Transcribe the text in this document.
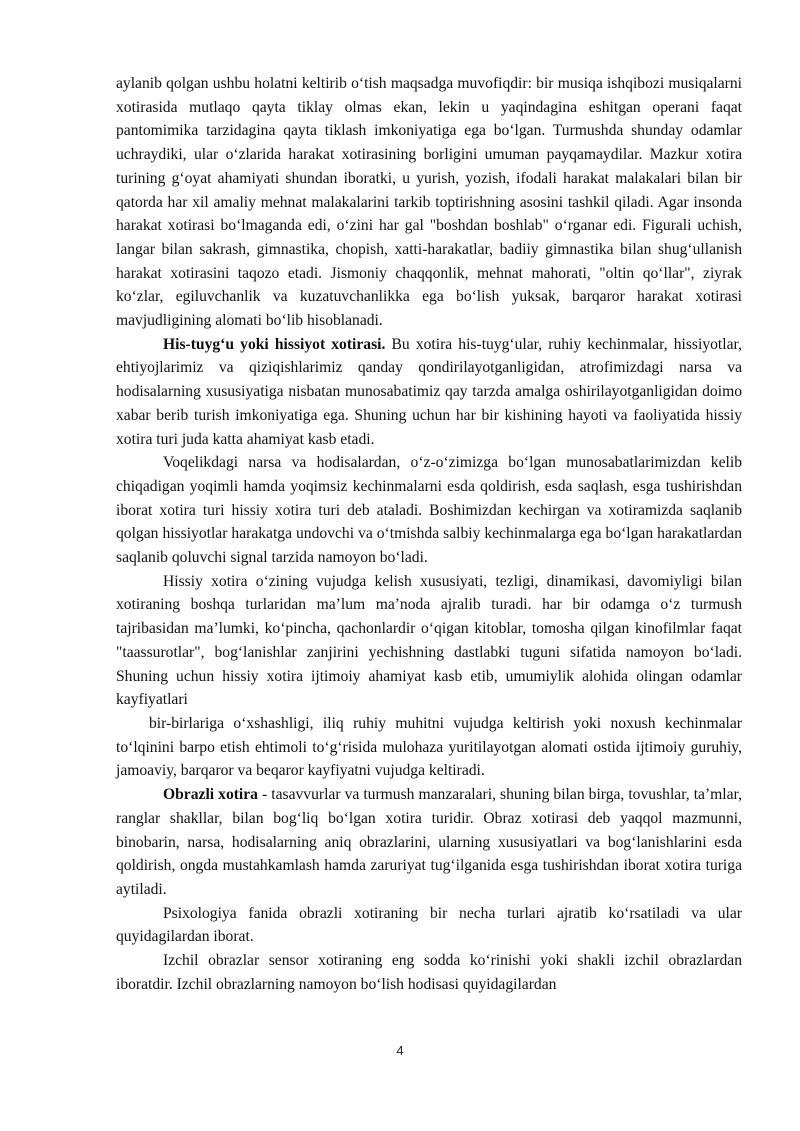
aylanib qolgan ushbu holatni keltirib o‘tish maqsadga muvofiqdir: bir musiqa ishqibozi musiqalarni xotirasida mutlaqo qayta tiklay olmas ekan, lekin u yaqindagina eshitgan operani faqat pantomimika tarzidagina qayta tiklash imkoniyatiga ega bo‘lgan. Turmushda shunday odamlar uchraydiki, ular o‘zlarida harakat xotirasining borligini umuman payqamaydilar. Mazkur xotira turining g‘oyat ahamiyati shundan iboratki, u yurish, yozish, ifodali harakat malakalari bilan bir qatorda har xil amaliy mehnat malakalarini tarkib toptirishning asosini tashkil qiladi. Agar insonda harakat xotirasi bo‘lmaganda edi, o‘zini har gal "boshdan boshlab" o‘rganar edi. Figurali uchish, langar bilan sakrash, gimnastika, chopish, xatti-harakatlar, badiiy gimnastika bilan shug‘ullanish harakat xotirasini taqozo etadi. Jismoniy chaqqonlik, mehnat mahorati, "oltin qo‘llar", ziyrak ko‘zlar, egiluvchanlik va kuzatuvchanlikka ega bo‘lish yuksak, barqaror harakat xotirasi mavjudligining alomati bo‘lib hisoblanadi.

His-tuyg‘u yoki hissiyot xotirasi. Bu xotira his-tuyg‘ular, ruhiy kechinmalar, hissiyotlar, ehtiyojlarimiz va qiziqishlarimiz qanday qondirilayotganligidan, atrofimizdagi narsa va hodisalarning xususiyatiga nisbatan munosabatimiz qay tarzda amalga oshirilayotganligidan doimo xabar berib turish imkoniyatiga ega. Shuning uchun har bir kishining hayoti va faoliyatida hissiy xotira turi juda katta ahamiyat kasb etadi.

Voqelikdagi narsa va hodisalardan, o‘z-o‘zimizga bo‘lgan munosabatlarimizdan kelib chiqadigan yoqimli hamda yoqimsiz kechinmalarni esda qoldirish, esda saqlash, esga tushirishdan iborat xotira turi hissiy xotira turi deb ataladi. Boshimizdan kechirgan va xotiramizda saqlanib qolgan hissiyotlar harakatga undovchi va o‘tmishda salbiy kechinmalarga ega bo‘lgan harakatlardan saqlanib qoluvchi signal tarzida namoyon bo‘ladi.

Hissiy xotira o‘zining vujudga kelish xususiyati, tezligi, dinamikasi, davomiyligi bilan xotiraning boshqa turlaridan ma’lum ma’noda ajralib turadi. har bir odamga o‘z turmush tajribasidan ma’lumki, ko‘pincha, qachonlardir o‘qigan kitoblar, tomosha qilgan kinofilmlar faqat "taassurotlar", bog‘lanishlar zanjirini yechishning dastlabki tuguni sifatida namoyon bo‘ladi. Shuning uchun hissiy xotira ijtimoiy ahamiyat kasb etib, umumiylik alohida olingan odamlar kayfiyatlari

bir-birlariga o‘xshashligi, iliq ruhiy muhitni vujudga keltirish yoki noxush kechinmalar to‘lqinini barpo etish ehtimoli to‘g‘risida mulohaza yuritilayotgan alomati ostida ijtimoiy guruhiy, jamoaviy, barqaror va beqaror kayfiyatni vujudga keltiradi.

Obrazli xotira - tasavvurlar va turmush manzaralari, shuning bilan birga, tovushlar, ta’mlar, ranglar shakllar, bilan bog‘liq bo‘lgan xotira turidir. Obraz xotirasi deb yaqqol mazmunni, binobarin, narsa, hodisalarning aniq obrazlarini, ularning xususiyatlari va bog‘lanishlarini esda qoldirish, ongda mustahkamlash hamda zaruriyat tug‘ilganida esga tushirishdan iborat xotira turiga aytiladi.

Psixologiya fanida obrazli xotiraning bir necha turlari ajratib ko‘rsatiladi va ular quyidagilardan iborat.

Izchil obrazlar sensor xotiraning eng sodda ko‘rinishi yoki shakli izchil obrazlardan iboratdir. Izchil obrazlarning namoyon bo‘lish hodisasi quyidagilardan

4
